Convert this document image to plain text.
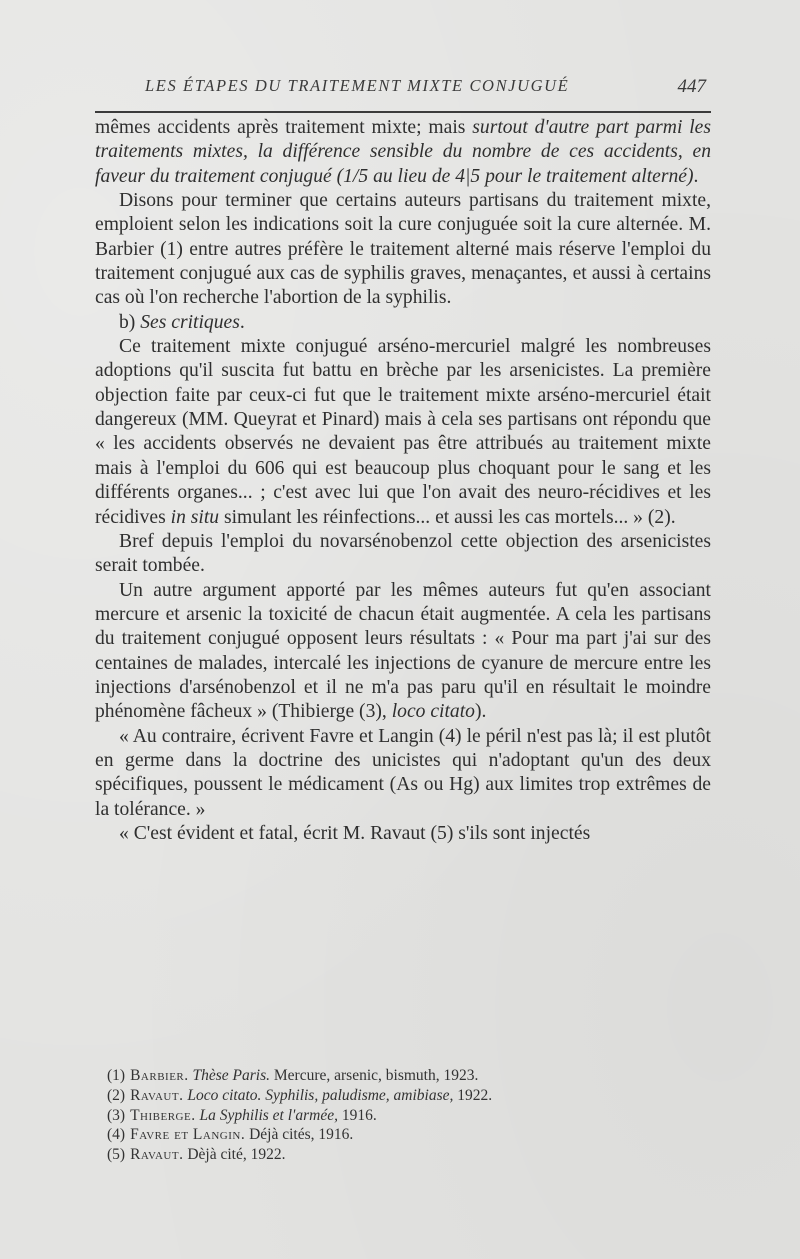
LES ÉTAPES DU TRAITEMENT MIXTE CONJUGUÉ	447

mêmes accidents après traitement mixte; mais surtout d'autre part parmi les traitements mixtes, la différence sensible du nombre de ces accidents, en faveur du traitement conjugué (1/5 au lieu de 4|5 pour le traitement alterné).

Disons pour terminer que certains auteurs partisans du traitement mixte, emploient selon les indications soit la cure conjuguée soit la cure alternée. M. Barbier (1) entre autres préfère le traitement alterné mais réserve l'emploi du traitement conjugué aux cas de syphilis graves, menaçantes, et aussi à certains cas où l'on recherche l'abortion de la syphilis.

b) Ses critiques.

Ce traitement mixte conjugué arséno-mercuriel malgré les nombreuses adoptions qu'il suscita fut battu en brèche par les arsenicistes. La première objection faite par ceux-ci fut que le traitement mixte arséno-mercuriel était dangereux (MM. Queyrat et Pinard) mais à cela ses partisans ont répondu que « les accidents observés ne devaient pas être attribués au traitement mixte mais à l'emploi du 606 qui est beaucoup plus choquant pour le sang et les différents organes... ; c'est avec lui que l'on avait des neuro-récidives et les récidives in situ simulant les réinfections... et aussi les cas mortels... » (2).

Bref depuis l'emploi du novarsénobenzol cette objection des arsenicistes serait tombée.

Un autre argument apporté par les mêmes auteurs fut qu'en associant mercure et arsenic la toxicité de chacun était augmentée. A cela les partisans du traitement conjugué opposent leurs résultats : « Pour ma part j'ai sur des centaines de malades, intercalé les injections de cyanure de mercure entre les injections d'arsénobenzol et il ne m'a pas paru qu'il en résultait le moindre phénomène fâcheux » (Thibierge (3), loco citato).

« Au contraire, écrivent Favre et Langin (4) le péril n'est pas là; il est plutôt en germe dans la doctrine des unicistes qui n'adoptant qu'un des deux spécifiques, poussent le médicament (As ou Hg) aux limites trop extrêmes de la tolérance. »

« C'est évident et fatal, écrit M. Ravaut (5) s'ils sont injectés

(1) Barbier. Thèse Paris. Mercure, arsenic, bismuth, 1923.
(2) Ravaut. Loco citato. Syphilis, paludisme, amibiase, 1922.
(3) Thiberge. La Syphilis et l'armée, 1916.
(4) Favre et Langin. Déjà cités, 1916.
(5) Ravaut. Dèjà cité, 1922.
